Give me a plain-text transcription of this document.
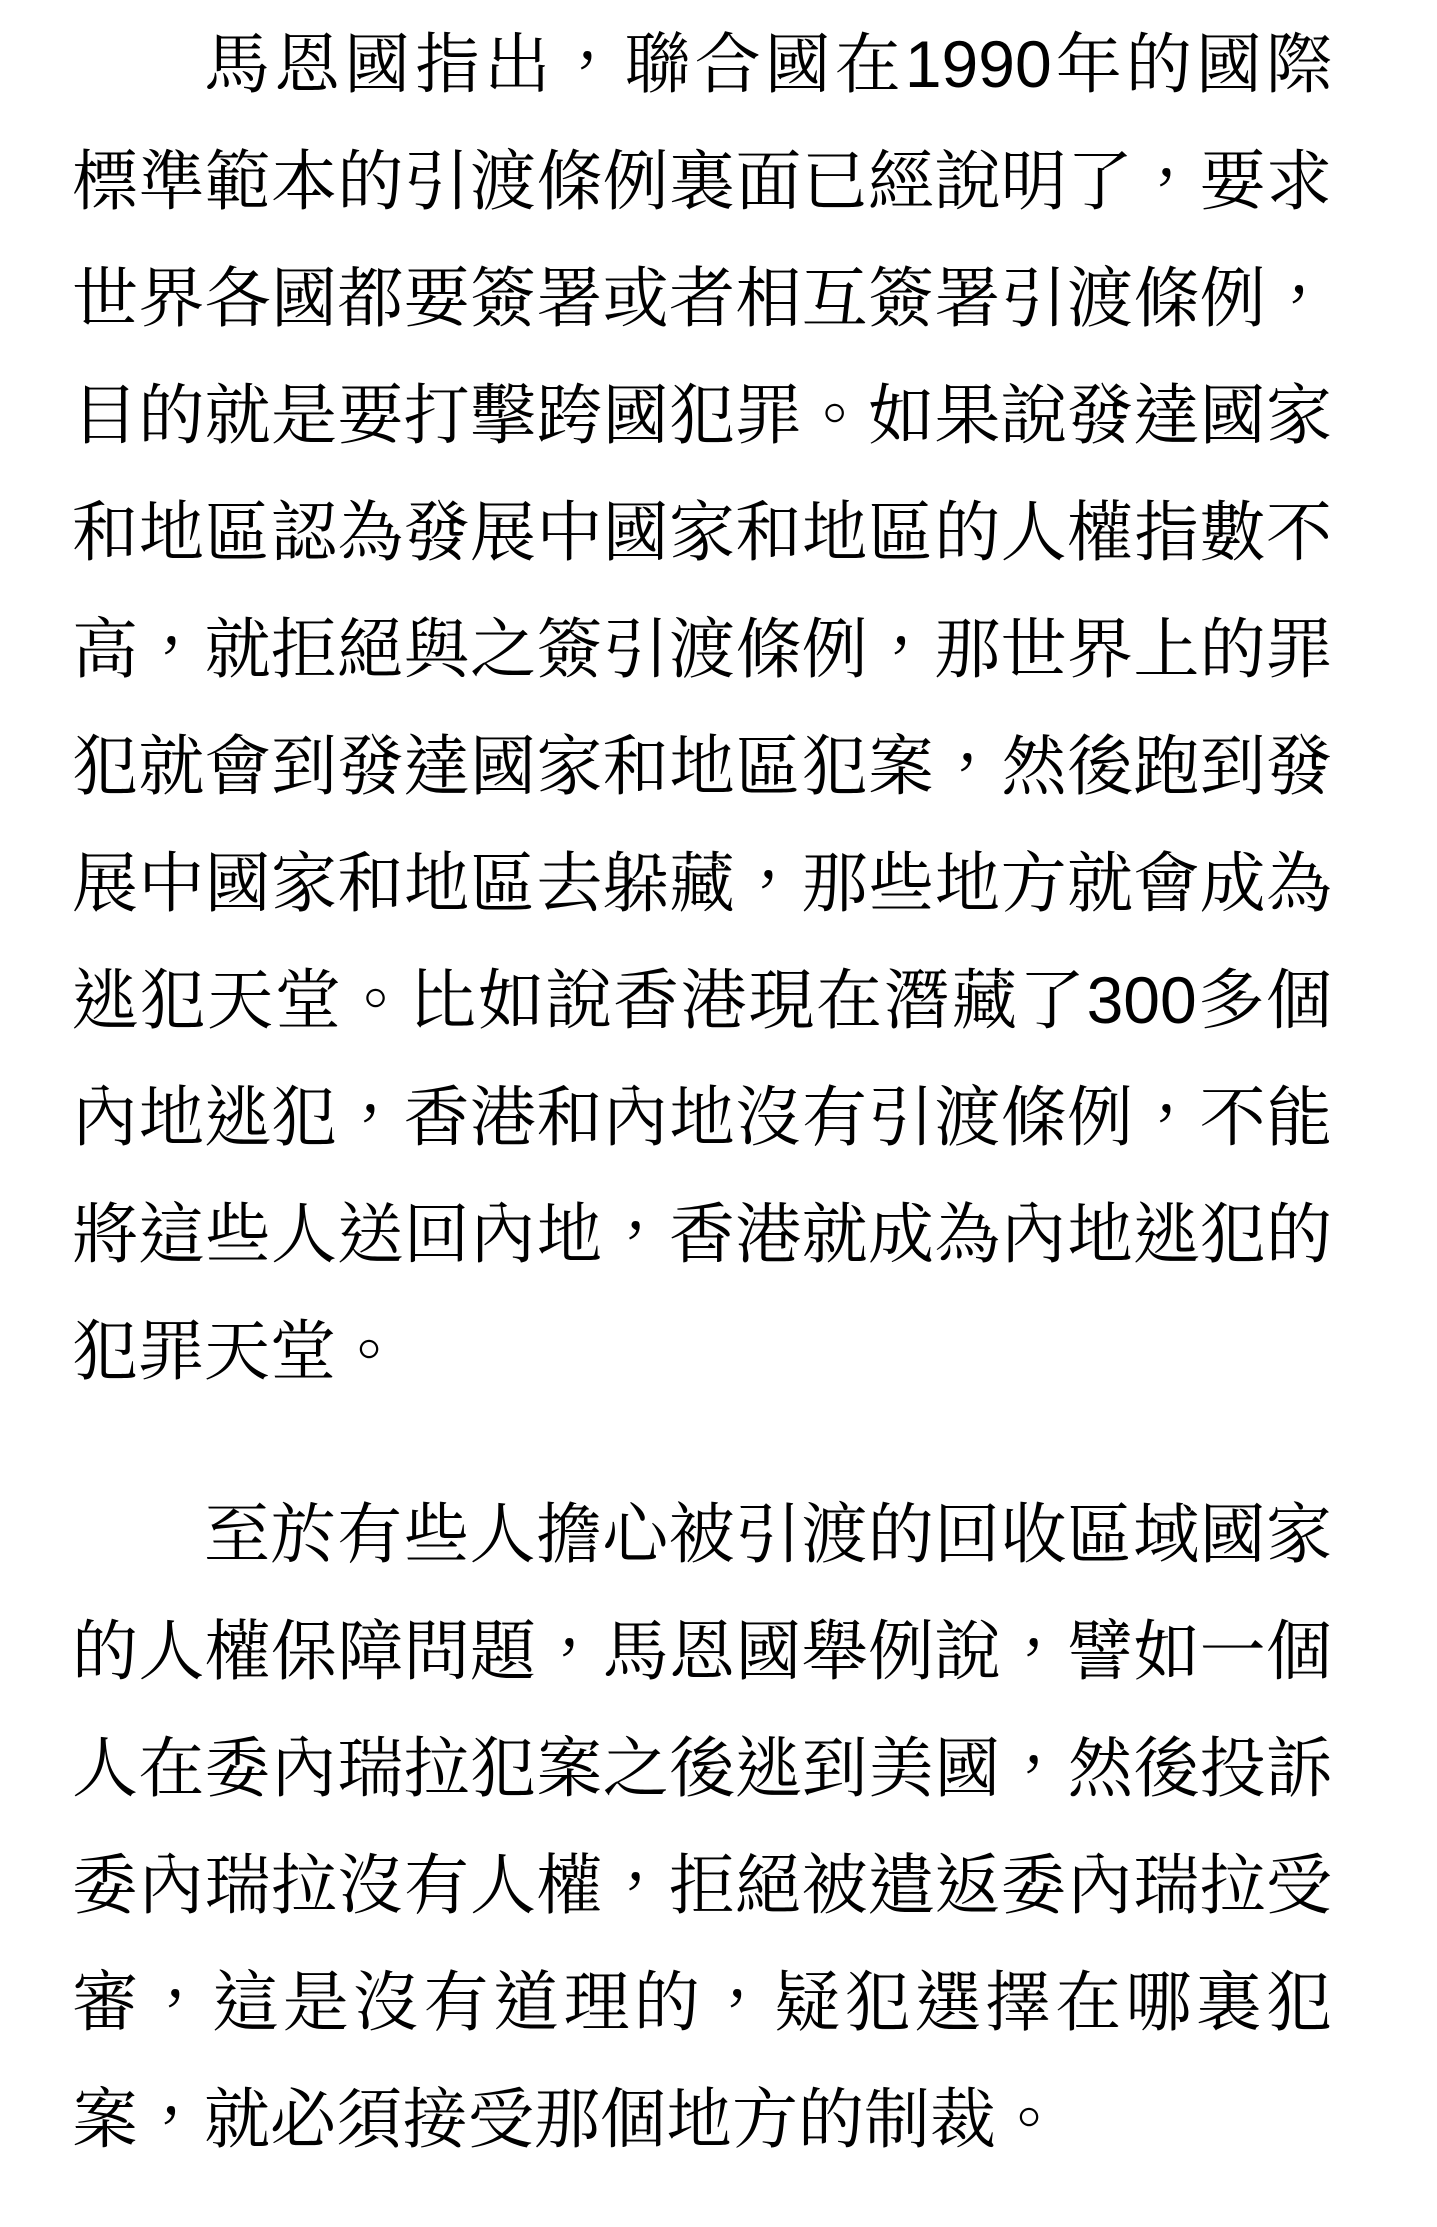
馬恩國指出，聯合國在1990年的國際標準範本的引渡條例裏面已經說明了，要求世界各國都要簽署或者相互簽署引渡條例，目的就是要打擊跨國犯罪。如果說發達國家和地區認為發展中國家和地區的人權指數不高，就拒絕與之簽引渡條例，那世界上的罪犯就會到發達國家和地區犯案，然後跑到發展中國家和地區去躲藏，那些地方就會成為逃犯天堂。比如說香港現在潛藏了300多個內地逃犯，香港和內地沒有引渡條例，不能將這些人送回內地，香港就成為內地逃犯的犯罪天堂。

至於有些人擔心被引渡的回收區域國家的人權保障問題，馬恩國舉例說，譬如一個人在委內瑞拉犯案之後逃到美國，然後投訴委內瑞拉沒有人權，拒絕被遣返委內瑞拉受審，這是沒有道理的，疑犯選擇在哪裏犯案，就必須接受那個地方的制裁。
